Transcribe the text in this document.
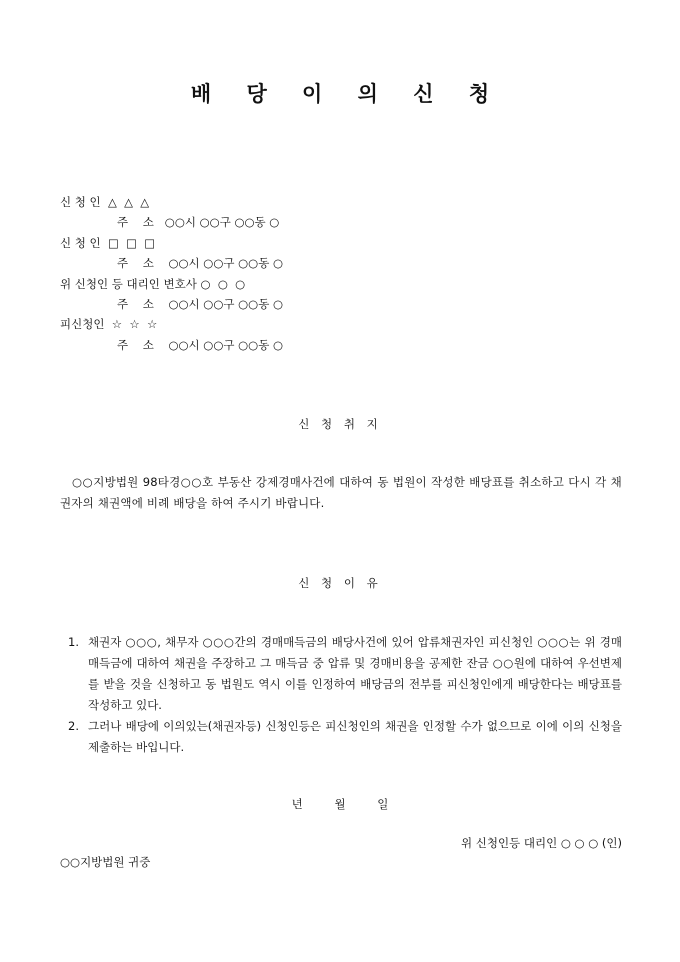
배 당 이 의 신 청
신 청 인  △  △  △
주    소   ○○시 ○○구 ○○동 ○
신 청 인  □  □  □
주    소    ○○시 ○○구 ○○동 ○
위 신청인 등 대리인 변호사 ○  ○  ○
주    소    ○○시 ○○구 ○○동 ○
피신청인  ☆  ☆  ☆
주    소    ○○시 ○○구 ○○동 ○
신 청 취 지
○○지방법원 98타경○○호 부동산 강제경매사건에 대하여 동 법원이 작성한 배당표를 취소하고 다시 각 채권자의 채권액에 비례 배당을 하여 주시기 바랍니다.
신 청 이 유
1. 채권자 ○○○, 채무자 ○○○간의 경매매득금의 배당사건에 있어 압류채권자인 피신청인 ○○○는 위 경매매득금에 대하여 채권을 주장하고 그 매득금 중 압류 및 경매비용을 공제한 잔금 ○○원에 대하여 우선변제를 받을 것을 신청하고 동 법원도 역시 이를 인정하여 배당금의 전부를 피신청인에게 배당한다는 배당표를 작성하고 있다.
2. 그러나 배당에 이의있는(채권자등) 신청인등은 피신청인의 채권을 인정할 수가 없으므로 이에 이의 신청을 제출하는 바입니다.
년	월	일
위 신청인등 대리인 ○ ○ ○ (인)
○○지방법원 귀중
